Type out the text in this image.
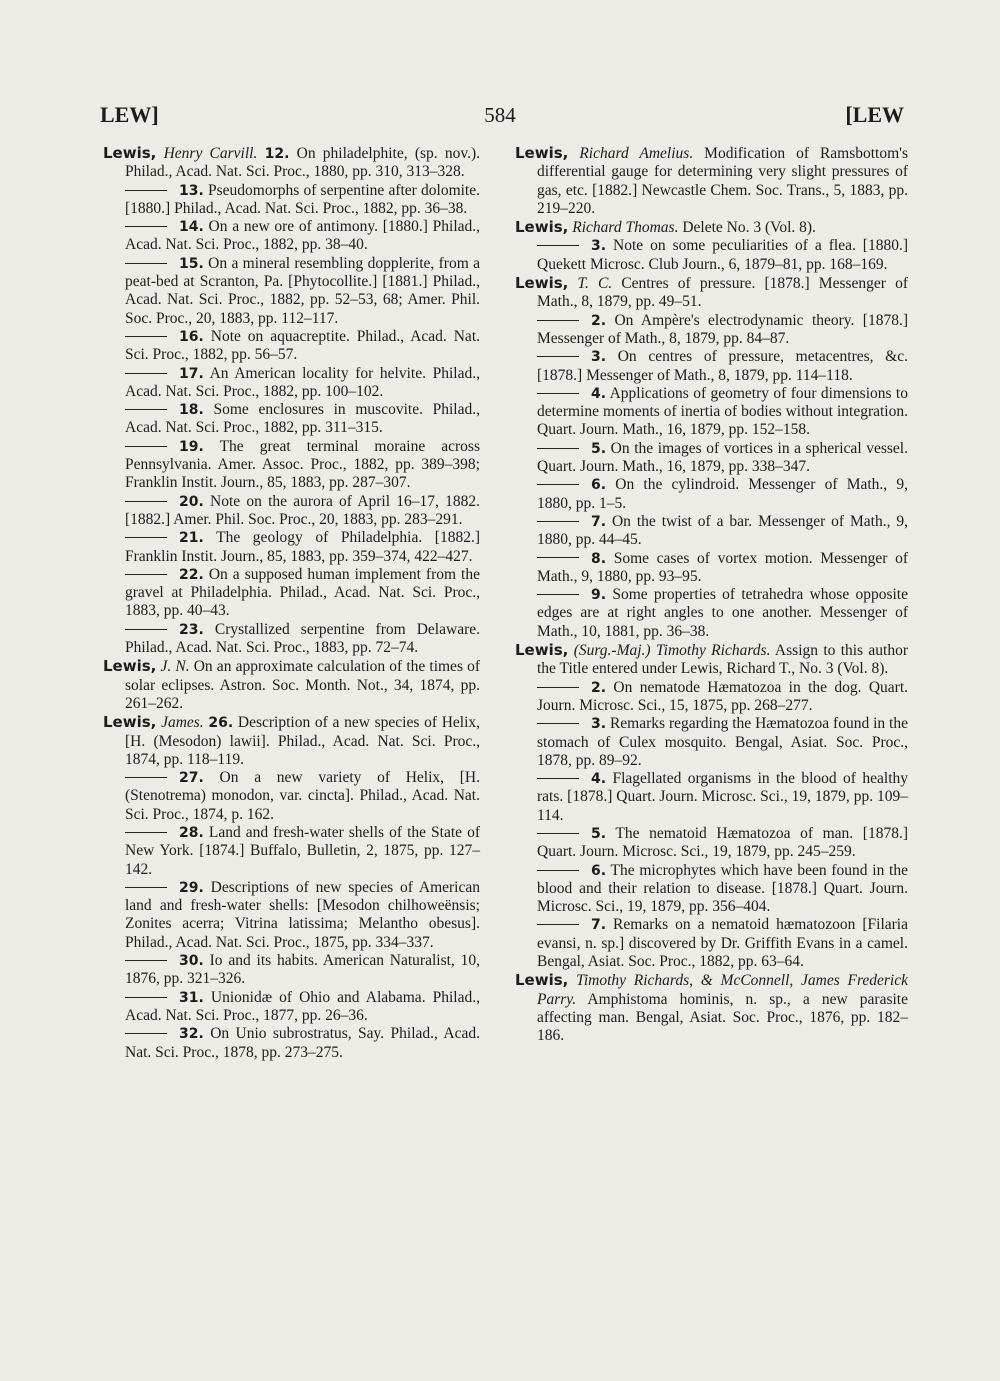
LEW]	584	[LEW

Lewis, Henry Carvill. 12. On philadelphite, (sp. nov.). Philad., Acad. Nat. Sci. Proc., 1880, pp. 310, 313–328.

13. Pseudomorphs of serpentine after dolomite. [1880.] Philad., Acad. Nat. Sci. Proc., 1882, pp. 36–38.

14. On a new ore of antimony. [1880.] Philad., Acad. Nat. Sci. Proc., 1882, pp. 38–40.

15. On a mineral resembling dopplerite, from a peat-bed at Scranton, Pa. [Phytocollite.] [1881.] Philad., Acad. Nat. Sci. Proc., 1882, pp. 52–53, 68; Amer. Phil. Soc. Proc., 20, 1883, pp. 112–117.

16. Note on aquacreptite. Philad., Acad. Nat. Sci. Proc., 1882, pp. 56–57.

17. An American locality for helvite. Philad., Acad. Nat. Sci. Proc., 1882, pp. 100–102.

18. Some enclosures in muscovite. Philad., Acad. Nat. Sci. Proc., 1882, pp. 311–315.

19. The great terminal moraine across Pennsylvania. Amer. Assoc. Proc., 1882, pp. 389–398; Franklin Instit. Journ., 85, 1883, pp. 287–307.

20. Note on the aurora of April 16–17, 1882. [1882.] Amer. Phil. Soc. Proc., 20, 1883, pp. 283–291.

21. The geology of Philadelphia. [1882.] Franklin Instit. Journ., 85, 1883, pp. 359–374, 422–427.

22. On a supposed human implement from the gravel at Philadelphia. Philad., Acad. Nat. Sci. Proc., 1883, pp. 40–43.

23. Crystallized serpentine from Delaware. Philad., Acad. Nat. Sci. Proc., 1883, pp. 72–74.

Lewis, J. N. On an approximate calculation of the times of solar eclipses. Astron. Soc. Month. Not., 34, 1874, pp. 261–262.

Lewis, James. 26. Description of a new species of Helix, [H. (Mesodon) lawii]. Philad., Acad. Nat. Sci. Proc., 1874, pp. 118–119.

27. On a new variety of Helix, [H. (Stenotrema) monodon, var. cincta]. Philad., Acad. Nat. Sci. Proc., 1874, p. 162.

28. Land and fresh-water shells of the State of New York. [1874.] Buffalo, Bulletin, 2, 1875, pp. 127–142.

29. Descriptions of new species of American land and fresh-water shells: [Mesodon chilhoweënsis; Zonites acerra; Vitrina latissima; Melantho obesus]. Philad., Acad. Nat. Sci. Proc., 1875, pp. 334–337.

30. Io and its habits. American Naturalist, 10, 1876, pp. 321–326.

31. Unionidæ of Ohio and Alabama. Philad., Acad. Nat. Sci. Proc., 1877, pp. 26–36.

32. On Unio subrostratus, Say. Philad., Acad. Nat. Sci. Proc., 1878, pp. 273–275.

Lewis, Richard Amelius. Modification of Ramsbottom's differential gauge for determining very slight pressures of gas, etc. [1882.] Newcastle Chem. Soc. Trans., 5, 1883, pp. 219–220.

Lewis, Richard Thomas. Delete No. 3 (Vol. 8).

3. Note on some peculiarities of a flea. [1880.] Quekett Microsc. Club Journ., 6, 1879–81, pp. 168–169.

Lewis, T. C. Centres of pressure. [1878.] Messenger of Math., 8, 1879, pp. 49–51.

2. On Ampère's electrodynamic theory. [1878.] Messenger of Math., 8, 1879, pp. 84–87.

3. On centres of pressure, metacentres, &c. [1878.] Messenger of Math., 8, 1879, pp. 114–118.

4. Applications of geometry of four dimensions to determine moments of inertia of bodies without integration. Quart. Journ. Math., 16, 1879, pp. 152–158.

5. On the images of vortices in a spherical vessel. Quart. Journ. Math., 16, 1879, pp. 338–347.

6. On the cylindroid. Messenger of Math., 9, 1880, pp. 1–5.

7. On the twist of a bar. Messenger of Math., 9, 1880, pp. 44–45.

8. Some cases of vortex motion. Messenger of Math., 9, 1880, pp. 93–95.

9. Some properties of tetrahedra whose opposite edges are at right angles to one another. Messenger of Math., 10, 1881, pp. 36–38.

Lewis, (Surg.-Maj.) Timothy Richards. Assign to this author the Title entered under Lewis, Richard T., No. 3 (Vol. 8).

2. On nematode Hæmatozoa in the dog. Quart. Journ. Microsc. Sci., 15, 1875, pp. 268–277.

3. Remarks regarding the Hæmatozoa found in the stomach of Culex mosquito. Bengal, Asiat. Soc. Proc., 1878, pp. 89–92.

4. Flagellated organisms in the blood of healthy rats. [1878.] Quart. Journ. Microsc. Sci., 19, 1879, pp. 109–114.

5. The nematoid Hæmatozoa of man. [1878.] Quart. Journ. Microsc. Sci., 19, 1879, pp. 245–259.

6. The microphytes which have been found in the blood and their relation to disease. [1878.] Quart. Journ. Microsc. Sci., 19, 1879, pp. 356–404.

7. Remarks on a nematoid hæmatozoon [Filaria evansi, n. sp.] discovered by Dr. Griffith Evans in a camel. Bengal, Asiat. Soc. Proc., 1882, pp. 63–64.

Lewis, Timothy Richards, & McConnell, James Frederick Parry. Amphistoma hominis, n. sp., a new parasite affecting man. Bengal, Asiat. Soc. Proc., 1876, pp. 182–186.
